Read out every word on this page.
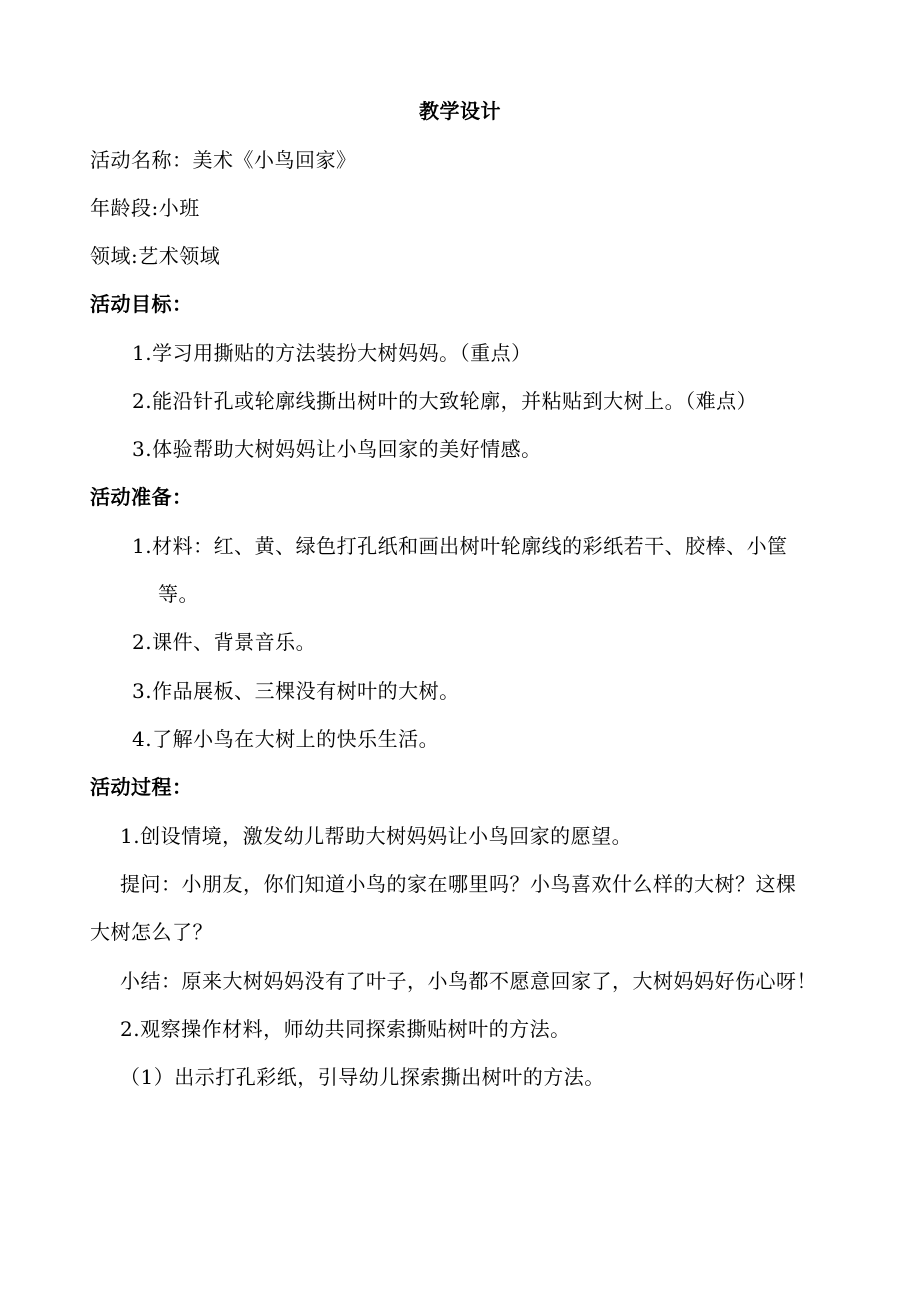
教学设计
活动名称：美术《小鸟回家》
年龄段:小班
领域:艺术领域
活动目标：
1.学习用撕贴的方法装扮大树妈妈。（重点）
2.能沿针孔或轮廓线撕出树叶的大致轮廓，并粘贴到大树上。（难点）
3.体验帮助大树妈妈让小鸟回家的美好情感。
活动准备：
1.材料：红、黄、绿色打孔纸和画出树叶轮廓线的彩纸若干、胶棒、小筐
等。
2.课件、背景音乐。
3.作品展板、三棵没有树叶的大树。
4.了解小鸟在大树上的快乐生活。
活动过程：
1.创设情境，激发幼儿帮助大树妈妈让小鸟回家的愿望。
提问：小朋友，你们知道小鸟的家在哪里吗？小鸟喜欢什么样的大树？这棵
大树怎么了？
小结：原来大树妈妈没有了叶子，小鸟都不愿意回家了，大树妈妈好伤心呀！
2.观察操作材料，师幼共同探索撕贴树叶的方法。
（1）出示打孔彩纸，引导幼儿探索撕出树叶的方法。
